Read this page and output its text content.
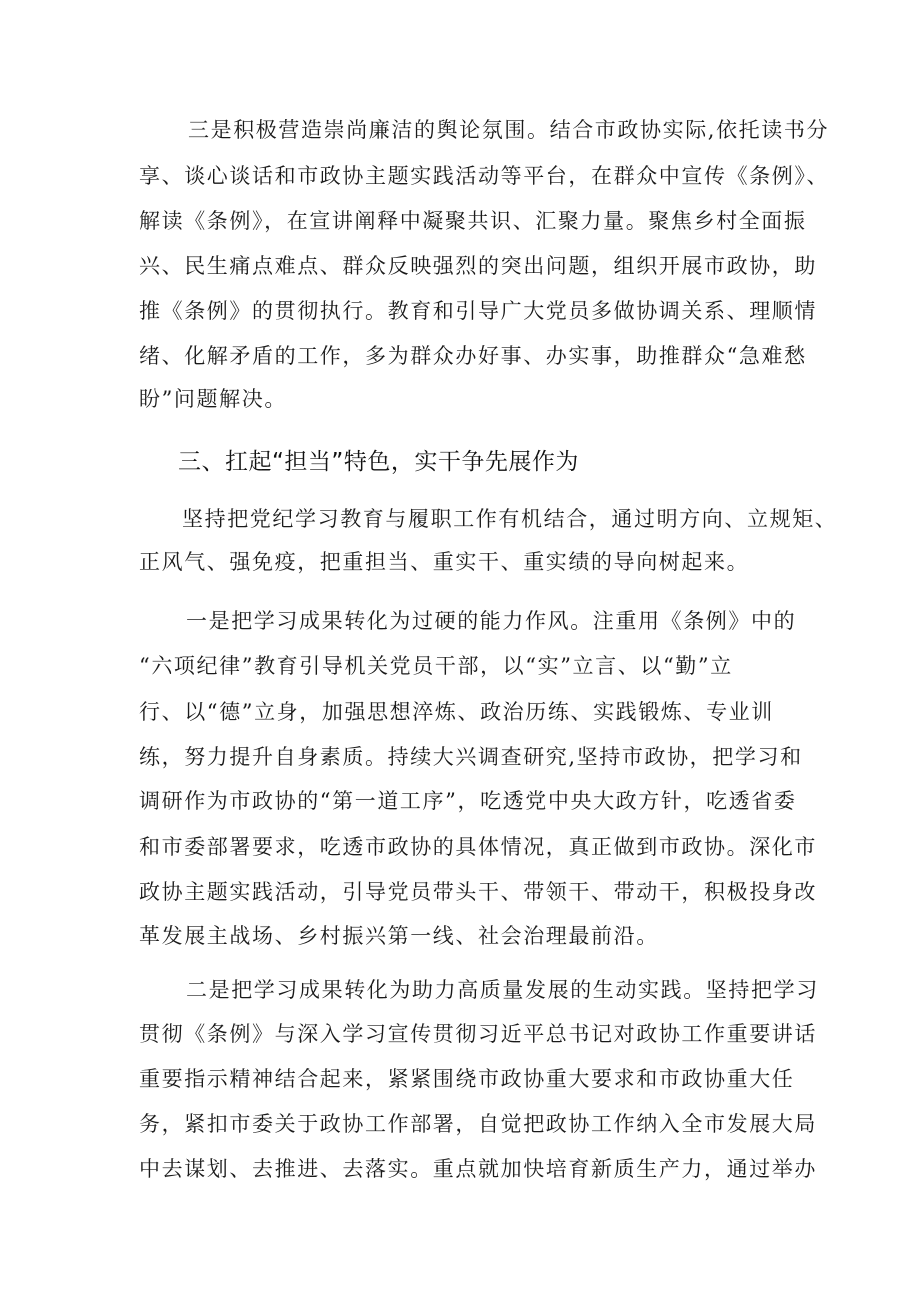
三是积极营造崇尚廉洁的舆论氛围。结合市政协实际,依托读书分
享、谈心谈话和市政协主题实践活动等平台，在群众中宣传《条例》、
解读《条例》，在宣讲阐释中凝聚共识、汇聚力量。聚焦乡村全面振
兴、民生痛点难点、群众反映强烈的突出问题，组织开展市政协，助
推《条例》的贯彻执行。教育和引导广大党员多做协调关系、理顺情
绪、化解矛盾的工作，多为群众办好事、办实事，助推群众“急难愁
盼”问题解决。
三、扛起“担当”特色，实干争先展作为
坚持把党纪学习教育与履职工作有机结合，通过明方向、立规矩、
正风气、强免疫，把重担当、重实干、重实绩的导向树起来。
一是把学习成果转化为过硬的能力作风。注重用《条例》中的
“六项纪律”教育引导机关党员干部，以“实”立言、以“勤”立
行、以“德”立身，加强思想淬炼、政治历练、实践锻炼、专业训
练，努力提升自身素质。持续大兴调查研究,坚持市政协，把学习和
调研作为市政协的“第一道工序”，吃透党中央大政方针，吃透省委
和市委部署要求，吃透市政协的具体情况，真正做到市政协。深化市
政协主题实践活动，引导党员带头干、带领干、带动干，积极投身改
革发展主战场、乡村振兴第一线、社会治理最前沿。
二是把学习成果转化为助力高质量发展的生动实践。坚持把学习
贯彻《条例》与深入学习宣传贯彻习近平总书记对政协工作重要讲话
重要指示精神结合起来，紧紧围绕市政协重大要求和市政协重大任
务，紧扣市委关于政协工作部署，自觉把政协工作纳入全市发展大局
中去谋划、去推进、去落实。重点就加快培育新质生产力，通过举办
